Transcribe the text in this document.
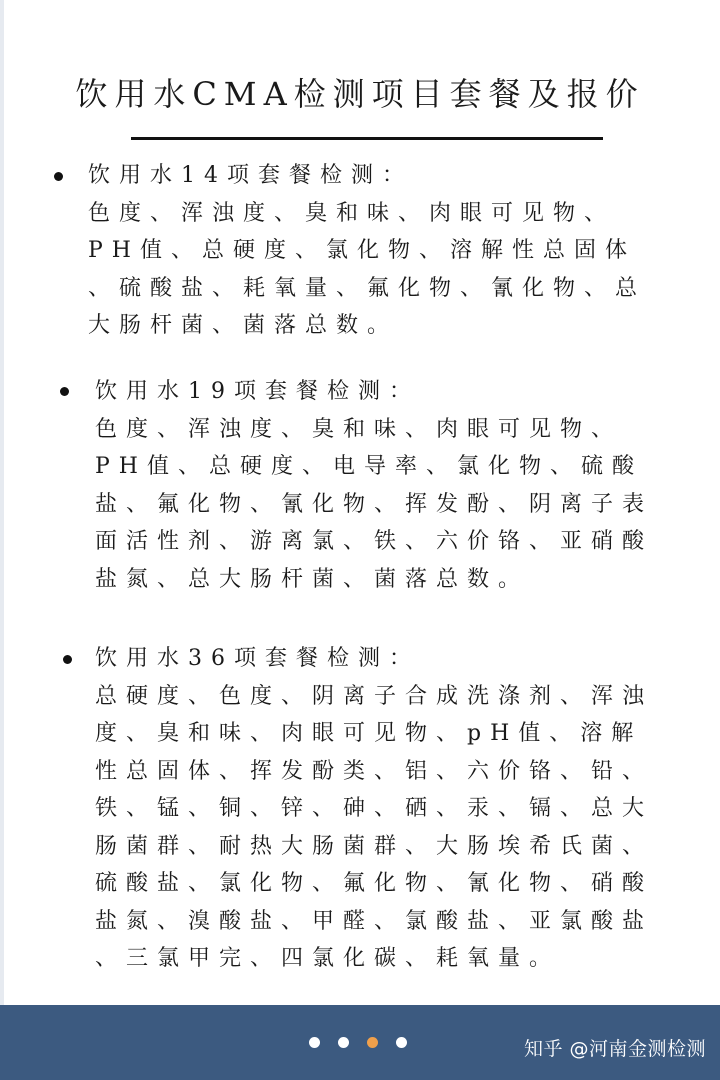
饮用水CMA检测项目套餐及报价
饮用水14项套餐检测：
色度、浑浊度、臭和味、肉眼可见物、
PH值、总硬度、氯化物、溶解性总固体
、硫酸盐、耗氧量、氟化物、氰化物、总
大肠杆菌、菌落总数。
饮用水19项套餐检测：
色度、浑浊度、臭和味、肉眼可见物、
PH值、总硬度、电导率、氯化物、硫酸
盐、氟化物、氰化物、挥发酚、阴离子表
面活性剂、游离氯、铁、六价铬、亚硝酸
盐氮、总大肠杆菌、菌落总数。
饮用水36项套餐检测：
总硬度、色度、阴离子合成洗涤剂、浑浊
度、臭和味、肉眼可见物、pH值、溶解
性总固体、挥发酚类、铝、六价铬、铅、
铁、锰、铜、锌、砷、硒、汞、镉、总大
肠菌群、耐热大肠菌群、大肠埃希氏菌、
硫酸盐、氯化物、氟化物、氰化物、硝酸
盐氮、溴酸盐、甲醛、氯酸盐、亚氯酸盐
、三氯甲完、四氯化碳、耗氧量。
知乎 @河南金测检测
